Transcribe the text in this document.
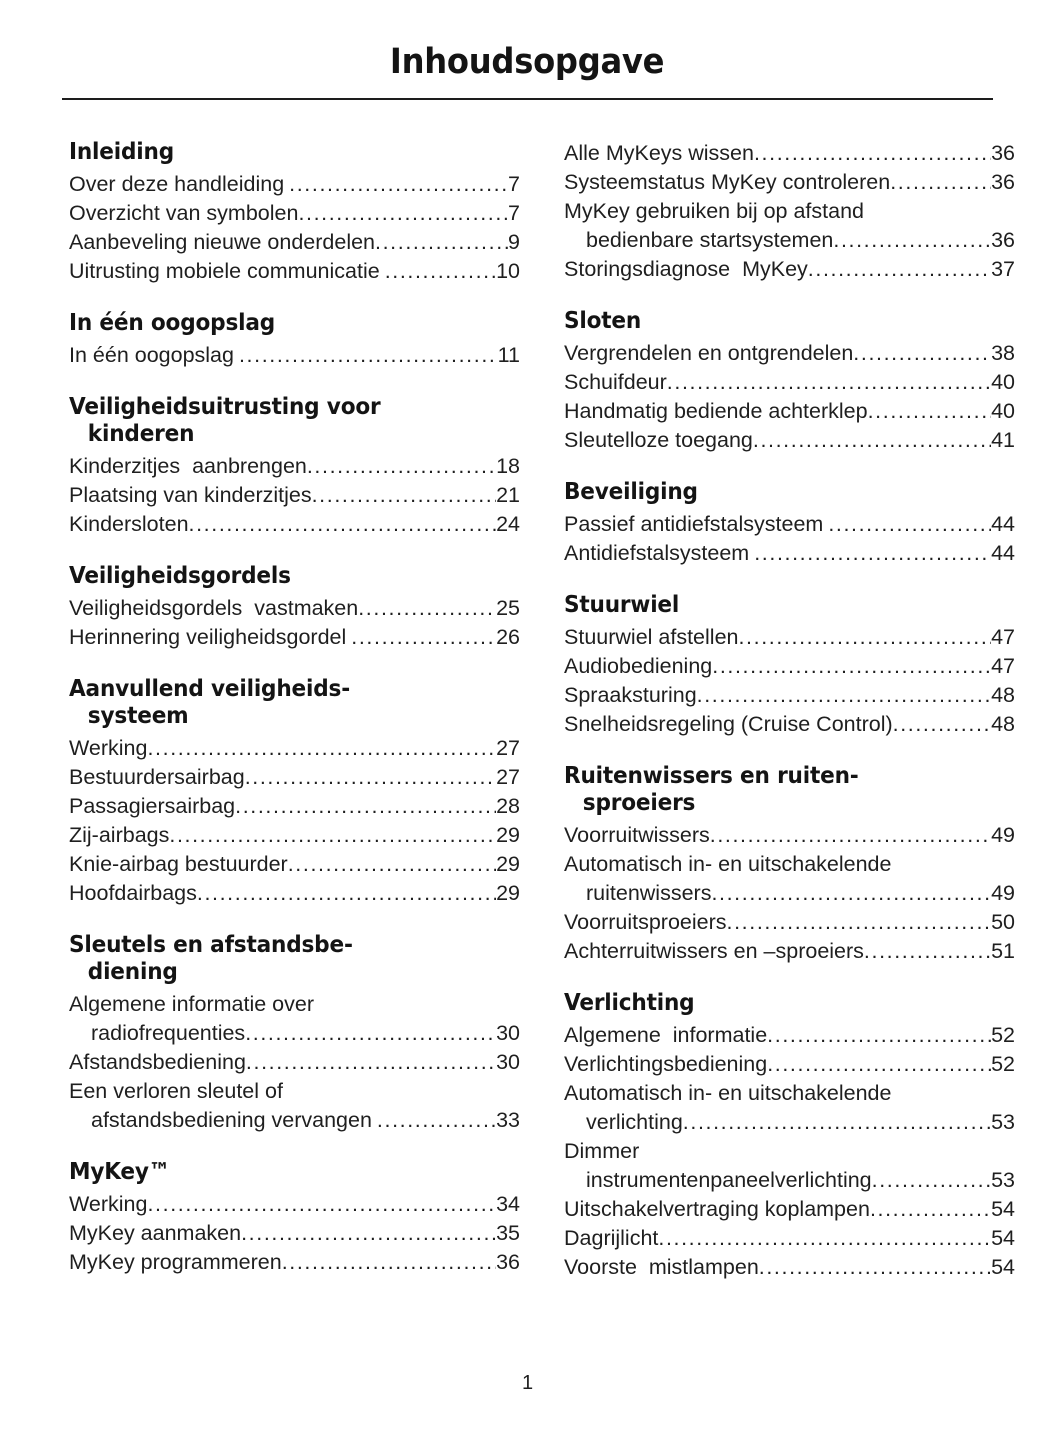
Inhoudsopgave
Inleiding
Over deze handleiding .....	7
Overzicht van symbolen .....	7
Aanbeveling nieuwe onderdelen .....	9
Uitrusting mobiele communicatie .....	10
In één oogopslag
In één oogopslag .....	11
Veiligheidsuitrusting voor
kinderen
Kinderzitjes  aanbrengen .....	18
Plaatsing van kinderzitjes .....	21
Kindersloten .....	24
Veiligheidsgordels
Veiligheidsgordels  vastmaken .....	25
Herinnering veiligheidsgordel .....	26
Aanvullend veiligheids-
systeem
Werking .....	27
Bestuurdersairbag .....	27
Passagiersairbag .....	28
Zij-airbags .....	29
Knie-airbag bestuurder .....	29
Hoofdairbags .....	29
Sleutels en afstandsbe-
diening
Algemene informatie over
radiofrequenties .....	30
Afstandsbediening .....	30
Een verloren sleutel of
afstandsbediening vervangen .....	33
MyKey™
Werking .....	34
MyKey aanmaken .....	35
MyKey programmeren .....	36
Alle MyKeys wissen .....	36
Systeemstatus MyKey controleren .....	36
MyKey gebruiken bij op afstand
bedienbare startsystemen .....	36
Storingsdiagnose  MyKey .....	37
Sloten
Vergrendelen en ontgrendelen .....	38
Schuifdeur .....	40
Handmatig bediende achterklep .....	40
Sleutelloze toegang .....	41
Beveiliging
Passief antidiefstalsysteem .....	44
Antidiefstalsysteem .....	44
Stuurwiel
Stuurwiel afstellen .....	47
Audiobediening .....	47
Spraaksturing .....	48
Snelheidsregeling (Cruise Control) .....	48
Ruitenwissers en ruiten-
sproeiers
Voorruitwissers .....	49
Automatisch in- en uitschakelende
ruitenwissers .....	49
Voorruitsproeiers .....	50
Achterruitwissers en –sproeiers .....	51
Verlichting
Algemene  informatie .....	52
Verlichtingsbediening .....	52
Automatisch in- en uitschakelende
verlichting .....	53
Dimmer
instrumentenpaneelverlichting .....	53
Uitschakelvertraging koplampen .....	54
Dagrijlicht .....	54
Voorste  mistlampen .....	54
1
